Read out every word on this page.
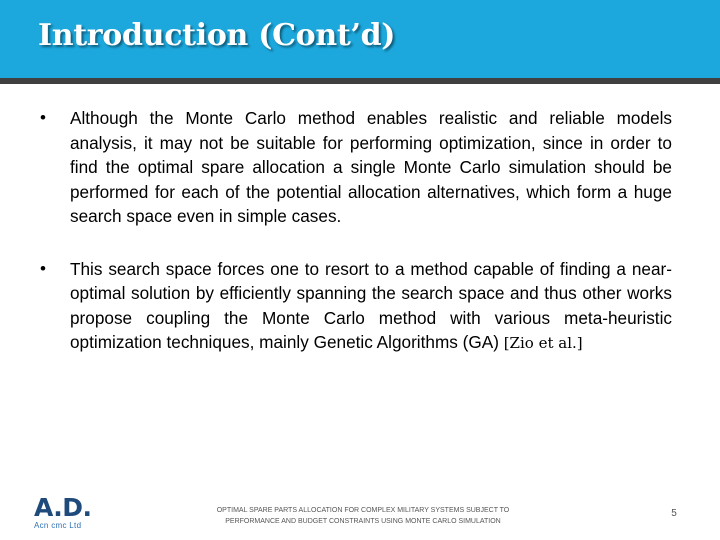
Introduction (Cont’d)
• Although the Monte Carlo method enables realistic and reliable models analysis, it may not be suitable for performing optimization, since in order to find the optimal spare allocation a single Monte Carlo simulation should be performed for each of the potential allocation alternatives, which form a huge search space even in simple cases.

• This search space forces one to resort to a method capable of finding a near-optimal solution by efficiently spanning the search space and thus other works propose coupling the Monte Carlo method with various meta-heuristic optimization techniques, mainly Genetic Algorithms (GA) [Zio et al.]

A.D.
Acn cmc Ltd
OPTIMAL SPARE PARTS ALLOCATION FOR COMPLEX MILITARY SYSTEMS SUBJECT TO
PERFORMANCE AND BUDGET CONSTRAINTS USING MONTE CARLO SIMULATION
5
